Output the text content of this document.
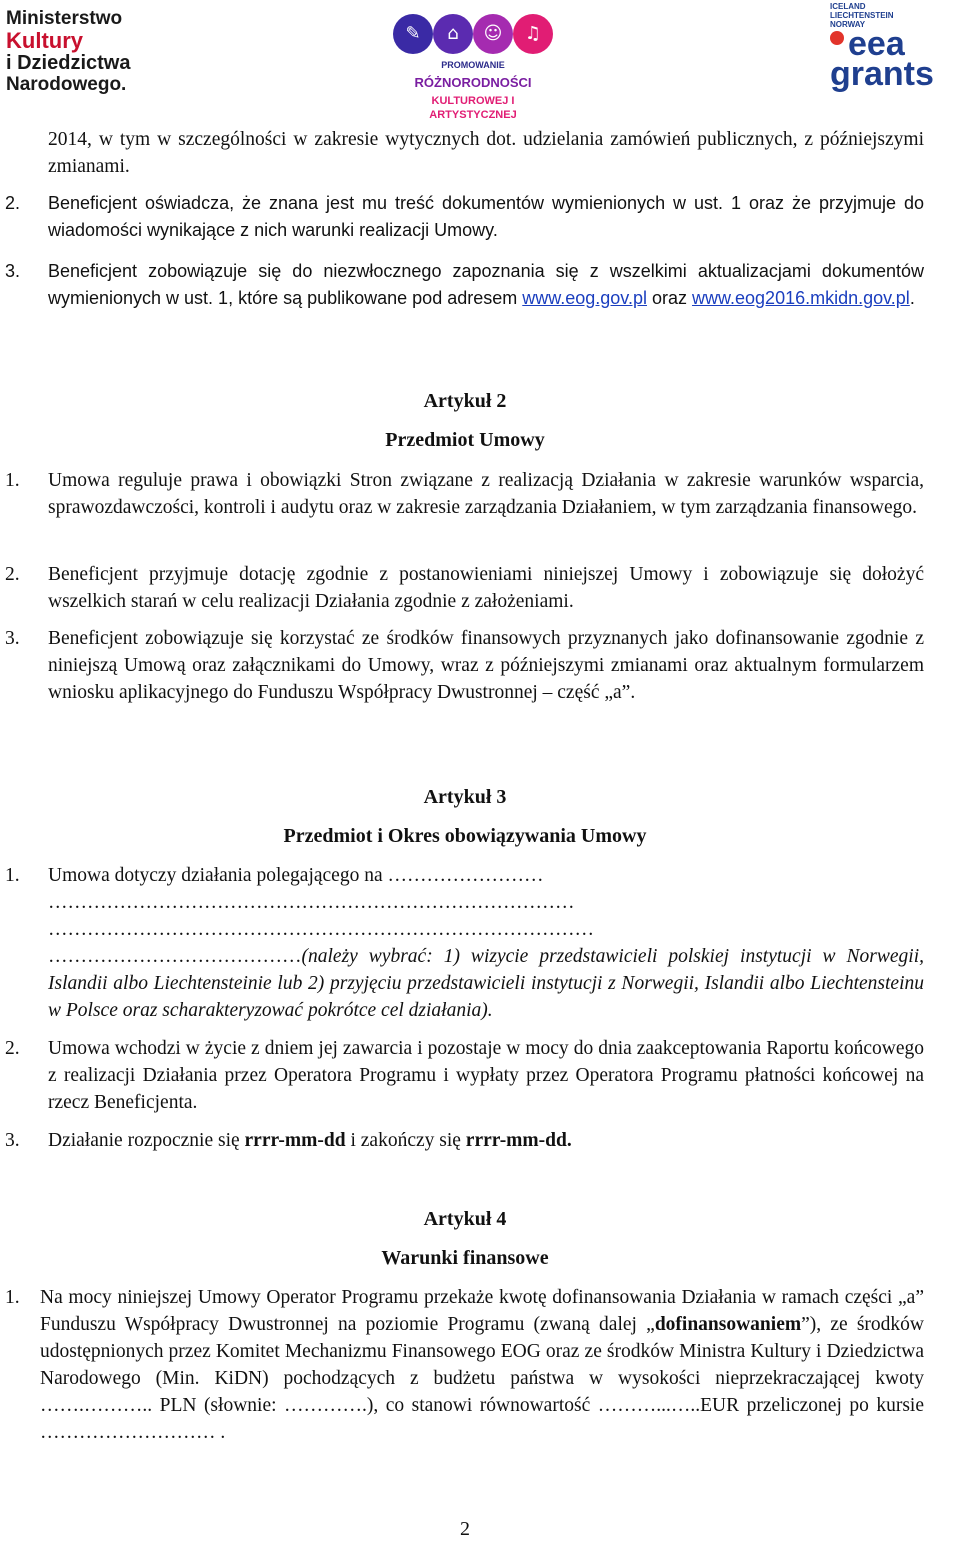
Ministerstwo
Kultury
i Dziedzictwa
Narodowego.
✎	⌂	☺	♫
PROMOWANIE
RÓŻNORODNOŚCI
KULTUROWEJ I ARTYSTYCZNEJ
ICELAND
LIECHTENSTEIN
NORWAY
eea
grants
2014, w tym w szczególności w zakresie wytycznych dot. udzielania zamówień publicznych, z późniejszymi zmianami.
2.	Beneficjent oświadcza, że znana jest mu treść dokumentów wymienionych w ust. 1 oraz że przyjmuje do wiadomości wynikające z nich warunki realizacji Umowy.
3.	Beneficjent zobowiązuje się do niezwłocznego zapoznania się z wszelkimi aktualizacjami dokumentów wymienionych w ust. 1, które są publikowane pod adresem www.eog.gov.pl oraz www.eog2016.mkidn.gov.pl.
Artykuł 2
Przedmiot Umowy
1.	Umowa reguluje prawa i obowiązki Stron związane z realizacją Działania w zakresie warunków wsparcia, sprawozdawczości, kontroli i audytu oraz w zakresie zarządzania Działaniem, w tym zarządzania finansowego.
2.	Beneficjent przyjmuje dotację zgodnie z postanowieniami niniejszej Umowy i zobowiązuje się dołożyć wszelkich starań w celu realizacji Działania zgodnie z założeniami.
3.	Beneficjent zobowiązuje się korzystać ze środków finansowych przyznanych jako dofinansowanie zgodnie z niniejszą Umową oraz załącznikami do Umowy, wraz z późniejszymi zmianami oraz aktualnym formularzem wniosku aplikacyjnego do Funduszu Współpracy Dwustronnej – część „a”.
Artykuł 3
Przedmiot i Okres obowiązywania Umowy
1.	Umowa dotyczy działania polegającego na ……………………
………………………………………………………………………
…………………………………………………………………………
…………………………………(należy wybrać: 1) wizycie przedstawicieli polskiej instytucji w Norwegii, Islandii albo Liechtensteinie lub 2) przyjęciu przedstawicieli instytucji z Norwegii, Islandii albo Liechtensteinu w Polsce oraz scharakteryzować pokrótce cel działania).
2.	Umowa wchodzi w życie z dniem jej zawarcia i pozostaje w mocy do dnia zaakceptowania Raportu końcowego z realizacji Działania przez Operatora Programu i wypłaty przez Operatora Programu płatności końcowej na rzecz Beneficjenta.
3.	Działanie rozpocznie się rrrr-mm-dd i zakończy się rrrr-mm-dd.
Artykuł 4
Warunki finansowe
1.	Na mocy niniejszej Umowy Operator Programu przekaże kwotę dofinansowania Działania w ramach części „a” Funduszu Współpracy Dwustronnej na poziomie Programu (zwaną dalej „dofinansowaniem”), ze środków udostępnionych przez Komitet Mechanizmu Finansowego EOG oraz ze środków Ministra Kultury i Dziedzictwa Narodowego (Min. KiDN) pochodzących z budżetu państwa w wysokości nieprzekraczającej kwoty …….……….. PLN (słownie: ………….), co stanowi równowartość ………...…..EUR przeliczonej po kursie ……………………… .
2
